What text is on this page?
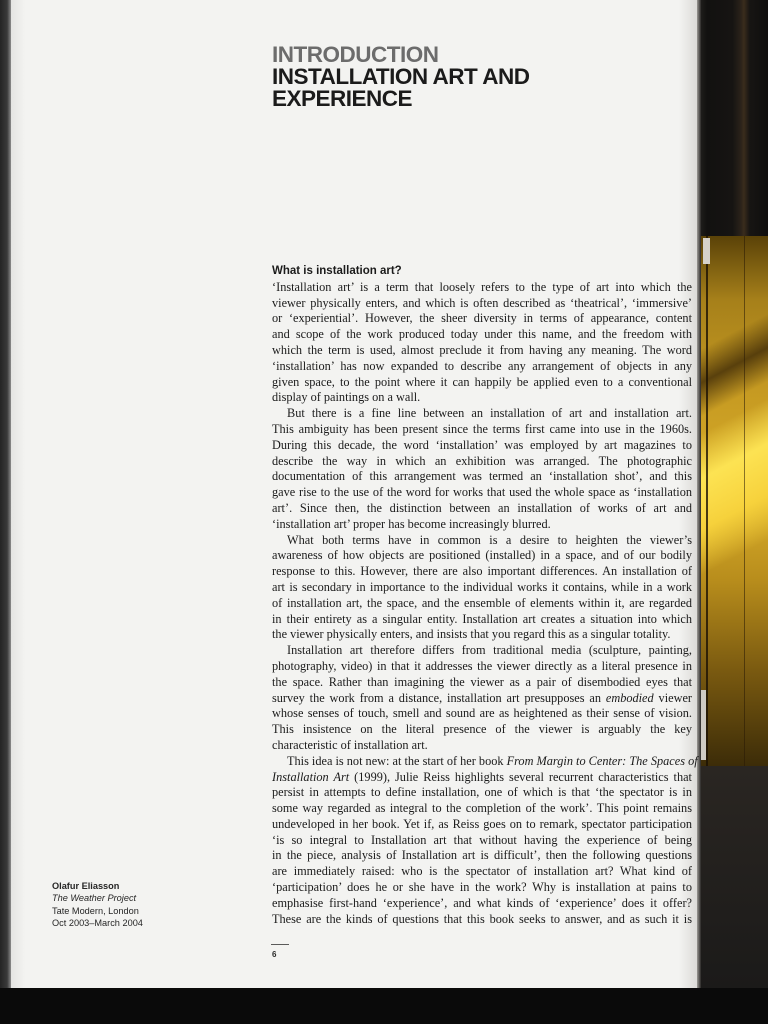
INTRODUCTION
INSTALLATION ART AND
EXPERIENCE
What is installation art?
‘Installation art’ is a term that loosely refers to the type of art into which the
viewer physically enters, and which is often described as ‘theatrical’, ‘immersive’
or ‘experiential’. However, the sheer diversity in terms of appearance, content
and scope of the work produced today under this name, and the freedom with
which the term is used, almost preclude it from having any meaning. The word
‘installation’ has now expanded to describe any arrangement of objects in any
given space, to the point where it can happily be applied even to a conventional
display of paintings on a wall.
But there is a fine line between an installation of art and installation art.
This ambiguity has been present since the terms first came into use in the 1960s.
During this decade, the word ‘installation’ was employed by art magazines to
describe the way in which an exhibition was arranged. The photographic
documentation of this arrangement was termed an ‘installation shot’, and this
gave rise to the use of the word for works that used the whole space as ‘installation
art’. Since then, the distinction between an installation of works of art and
‘installation art’ proper has become increasingly blurred.
What both terms have in common is a desire to heighten the viewer’s
awareness of how objects are positioned (installed) in a space, and of our bodily
response to this. However, there are also important differences. An installation of
art is secondary in importance to the individual works it contains, while in a work
of installation art, the space, and the ensemble of elements within it, are regarded
in their entirety as a singular entity. Installation art creates a situation into which
the viewer physically enters, and insists that you regard this as a singular totality.
Installation art therefore differs from traditional media (sculpture, painting,
photography, video) in that it addresses the viewer directly as a literal presence in
the space. Rather than imagining the viewer as a pair of disembodied eyes that
survey the work from a distance, installation art presupposes an embodied viewer
whose senses of touch, smell and sound are as heightened as their sense of vision.
This insistence on the literal presence of the viewer is arguably the key
characteristic of installation art.
This idea is not new: at the start of her book From Margin to Center: The Spaces of
Installation Art (1999), Julie Reiss highlights several recurrent characteristics that
persist in attempts to define installation, one of which is that ‘the spectator is in
some way regarded as integral to the completion of the work’. This point remains
undeveloped in her book. Yet if, as Reiss goes on to remark, spectator participation
‘is so integral to Installation art that without having the experience of being
in the piece, analysis of Installation art is difficult’, then the following questions
are immediately raised: who is the spectator of installation art? What kind of
‘participation’ does he or she have in the work? Why is installation at pains to
emphasise first-hand ‘experience’, and what kinds of ‘experience’ does it offer?
These are the kinds of questions that this book seeks to answer, and as such it is
Olafur Eliasson
The Weather Project
Tate Modern, London
Oct 2003–March 2004
6
